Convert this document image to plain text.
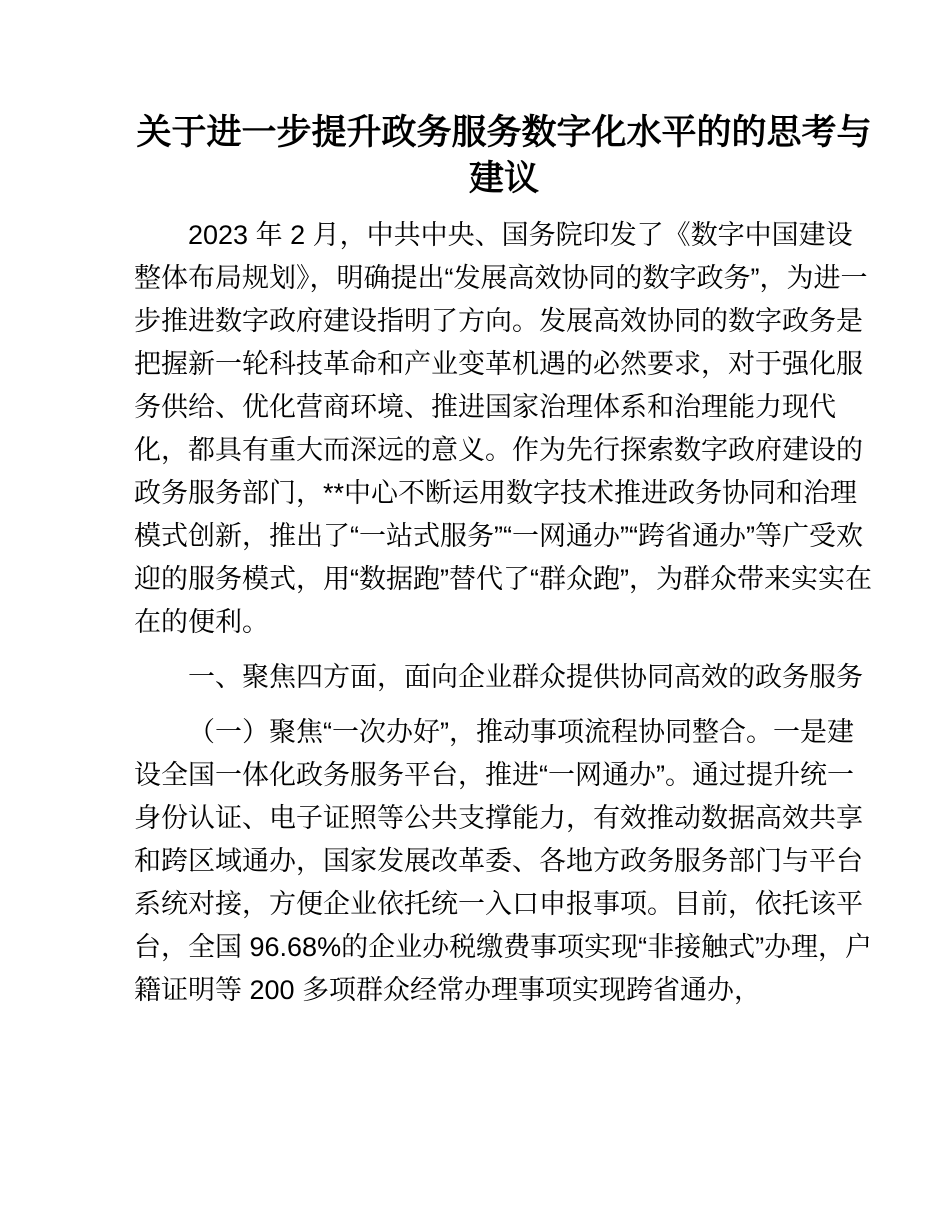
关于进一步提升政务服务数字化水平的的思考与建议

2023 年 2 月，中共中央、国务院印发了《数字中国建设整体布局规划》，明确提出“发展高效协同的数字政务”，为进一步推进数字政府建设指明了方向。发展高效协同的数字政务是把握新一轮科技革命和产业变革机遇的必然要求，对于强化服务供给、优化营商环境、推进国家治理体系和治理能力现代化，都具有重大而深远的意义。作为先行探索数字政府建设的政务服务部门，**中心不断运用数字技术推进政务协同和治理模式创新，推出了“一站式服务”“一网通办”“跨省通办”等广受欢迎的服务模式，用“数据跑”替代了“群众跑”，为群众带来实实在在的便利。

一、聚焦四方面，面向企业群众提供协同高效的政务服务

（一）聚焦“一次办好”，推动事项流程协同整合。一是建设全国一体化政务服务平台，推进“一网通办”。通过提升统一身份认证、电子证照等公共支撑能力，有效推动数据高效共享和跨区域通办，国家发展改革委、各地方政务服务部门与平台系统对接，方便企业依托统一入口申报事项。目前，依托该平台，全国 96.68%的企业办税缴费事项实现“非接触式”办理，户籍证明等 200 多项群众经常办理事项实现跨省通办，
